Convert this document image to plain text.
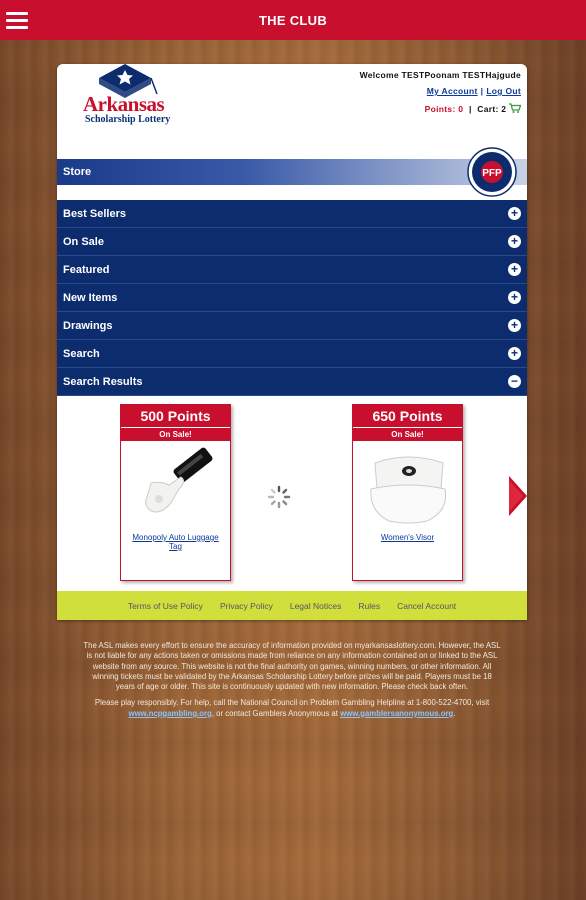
THE CLUB
Arkansas
Scholarship Lottery
Welcome TESTPoonam TESTHajgude
My Account | Log Out
Points: 0 | Cart: 2
Store	PFP
Best Sellers	+
On Sale	+
Featured	+
New Items	+
Drawings	+
Search	+
Search Results	−
500 Points
On Sale!
Monopoly Auto Luggage Tag
650 Points
On Sale!
Women's Visor
Terms of Use Policy Privacy Policy Legal Notices Rules Cancel Account

The ASL makes every effort to ensure the accuracy of information provided on myarkansaslottery.com. However, the ASL is not liable for any actions taken or omissions made from reliance on any information contained on or linked to the ASL website from any source. This website is not the final authority on games, winning numbers, or other information. All winning tickets must be validated by the Arkansas Scholarship Lottery before prizes will be paid. Players must be 18 years of age or older. This site is continuously updated with new information. Please check back often.

Please play responsibly. For help, call the National Council on Problem Gambling Helpline at 1-800-522-4700, visit www.ncpgambling.org, or contact Gamblers Anonymous at www.gamblersanonymous.org.
